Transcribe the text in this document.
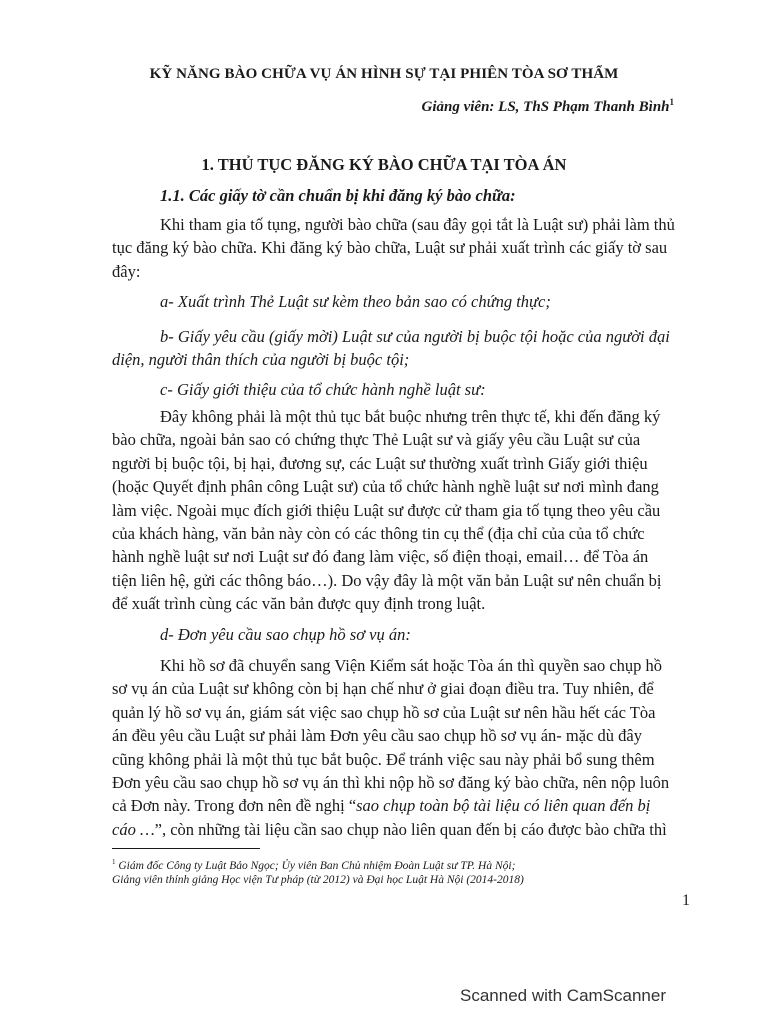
KỸ NĂNG BÀO CHỮA VỤ ÁN HÌNH SỰ TẠI PHIÊN TÒA SƠ THẨM
Giảng viên: LS, ThS Phạm Thanh Bình$^1$
1. THỦ TỤC ĐĂNG KÝ BÀO CHỮA TẠI TÒA ÁN
1.1. Các giấy tờ cần chuẩn bị khi đăng ký bào chữa:
Khi tham gia tố tụng, người bào chữa (sau đây gọi tắt là Luật sư) phải làm thủ
tục đăng ký bào chữa. Khi đăng ký bào chữa, Luật sư phải xuất trình các giấy tờ sau
đây:
a- Xuất trình Thẻ Luật sư kèm theo bản sao có chứng thực;
b- Giấy yêu cầu (giấy mời) Luật sư của người bị buộc tội hoặc của người đại
diện, người thân thích của người bị buộc tội;
c- Giấy giới thiệu của tổ chức hành nghề luật sư:
Đây không phải là một thủ tục bắt buộc nhưng trên thực tế, khi đến đăng ký
bào chữa, ngoài bản sao có chứng thực Thẻ Luật sư và giấy yêu cầu Luật sư của
người bị buộc tội, bị hại, đương sự, các Luật sư thường xuất trình Giấy giới thiệu
(hoặc Quyết định phân công Luật sư) của tổ chức hành nghề luật sư nơi mình đang
làm việc. Ngoài mục đích giới thiệu Luật sư được cử tham gia tố tụng theo yêu cầu
của khách hàng, văn bản này còn có các thông tin cụ thể (địa chỉ của của tổ chức
hành nghề luật sư nơi Luật sư đó đang làm việc, số điện thoại, email… để Tòa án
tiện liên hệ, gửi các thông báo…). Do vậy đây là một văn bản Luật sư nên chuẩn bị
để xuất trình cùng các văn bản được quy định trong luật.
d- Đơn yêu cầu sao chụp hồ sơ vụ án:
Khi hồ sơ đã chuyển sang Viện Kiểm sát hoặc Tòa án thì quyền sao chụp hồ
sơ vụ án của Luật sư không còn bị hạn chế như ở giai đoạn điều tra. Tuy nhiên, để
quản lý hồ sơ vụ án, giám sát việc sao chụp hồ sơ của Luật sư nên hầu hết các Tòa
án đều yêu cầu Luật sư phải làm Đơn yêu cầu sao chụp hồ sơ vụ án- mặc dù đây
cũng không phải là một thủ tục bắt buộc. Để tránh việc sau này phải bổ sung thêm
Đơn yêu cầu sao chụp hồ sơ vụ án thì khi nộp hồ sơ đăng ký bào chữa, nên nộp luôn
cả Đơn này. Trong đơn nên đề nghị “sao chụp toàn bộ tài liệu có liên quan đến bị
cáo …”, còn những tài liệu cần sao chụp nào liên quan đến bị cáo được bào chữa thì
$^1$ Giám đốc Công ty Luật Bảo Ngọc; Ủy viên Ban Chủ nhiệm Đoàn Luật sư TP. Hà Nội;
Giảng viên thỉnh giảng Học viện Tư pháp (từ 2012) và Đại học Luật Hà Nội (2014-2018)
1
Scanned with CamScanner
